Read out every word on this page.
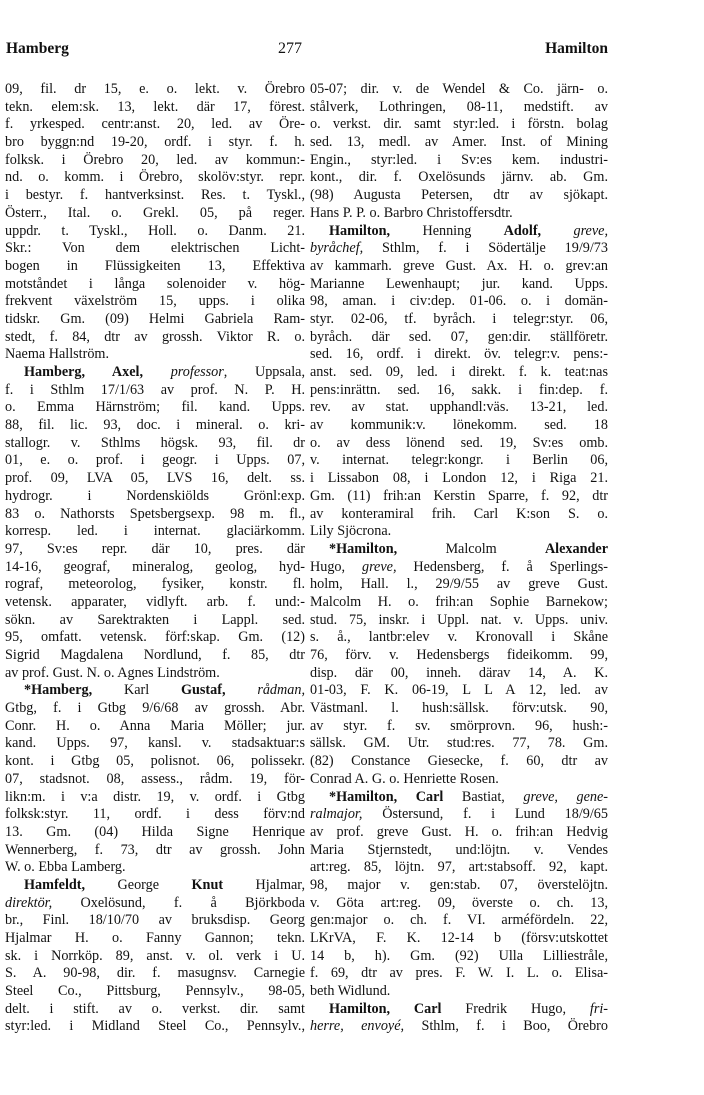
Hamberg	277	Hamilton
09, fil. dr 15, e. o. lekt. v. Örebro
tekn. elem:sk. 13, lekt. där 17, förest.
f. yrkesped. centr:anst. 20, led. av Öre-
bro byggn:nd 19-20, ordf. i styr. f. h.
folksk. i Örebro 20, led. av kommun:-
nd. o. komm. i Örebro, skolöv:styr. repr.
i bestyr. f. hantverksinst. Res. t. Tyskl.,
Österr., Ital. o. Grekl. 05, på reger.
uppdr. t. Tyskl., Holl. o. Danm. 21.
Skr.: Von dem elektrischen Licht-
bogen in Flüssigkeiten 13, Effektiva
motståndet i långa solenoider v. hög-
frekvent växelström 15, upps. i olika
tidskr. Gm. (09) Helmi Gabriela Ram-
stedt, f. 84, dtr av grossh. Viktor R. o.
Naema Hallström.
Hamberg, Axel, professor, Uppsala,
f. i Sthlm 17/1/63 av prof. N. P. H.
o. Emma Härnström; fil. kand. Upps.
88, fil. lic. 93, doc. i mineral. o. kri-
stallogr. v. Sthlms högsk. 93, fil. dr
01, e. o. prof. i geogr. i Upps. 07,
prof. 09, LVA 05, LVS 16, delt. ss.
hydrogr. i Nordenskiölds Grönl:exp.
83 o. Nathorsts Spetsbergsexp. 98 m. fl.,
korresp. led. i internat. glaciärkomm.
97, Sv:es repr. där 10, pres. där
14-16, geograf, mineralog, geolog, hyd-
rograf, meteorolog, fysiker, konstr. fl.
vetensk. apparater, vidlyft. arb. f. und:-
sökn. av Sarektrakten i Lappl. sed.
95, omfatt. vetensk. förf:skap. Gm. (12)
Sigrid Magdalena Nordlund, f. 85, dtr
av prof. Gust. N. o. Agnes Lindström.
*Hamberg, Karl Gustaf, rådman,
Gtbg, f. i Gtbg 9/6/68 av grossh. Abr.
Conr. H. o. Anna Maria Möller; jur.
kand. Upps. 97, kansl. v. stadsaktuar:s
kont. i Gtbg 05, polisnot. 06, polissekr.
07, stadsnot. 08, assess., rådm. 19, för-
likn:m. i v:a distr. 19, v. ordf. i Gtbg
folksk:styr. 11, ordf. i dess förv:nd
13. Gm. (04) Hilda Signe Henrique
Wennerberg, f. 73, dtr av grossh. John
W. o. Ebba Lamberg.
Hamfeldt, George Knut Hjalmar,
direktör, Oxelösund, f. å Björkboda
br., Finl. 18/10/70 av bruksdisp. Georg
Hjalmar H. o. Fanny Gannon; tekn.
sk. i Norrköp. 89, anst. v. ol. verk i U.
S. A. 90-98, dir. f. masugnsv. Carnegie
Steel Co., Pittsburg, Pennsylv., 98-05,
delt. i stift. av o. verkst. dir. samt
styr:led. i Midland Steel Co., Pennsylv.,
05-07; dir. v. de Wendel & Co. järn- o.
stålverk, Lothringen, 08-11, medstift. av
o. verkst. dir. samt styr:led. i förstn. bolag
sed. 13, medl. av Amer. Inst. of Mining
Engin., styr:led. i Sv:es kem. industri-
kont., dir. f. Oxelösunds järnv. ab. Gm.
(98) Augusta Petersen, dtr av sjökapt.
Hans P. P. o. Barbro Christoffersdtr.
Hamilton, Henning Adolf, greve,
byråchef, Sthlm, f. i Södertälje 19/9/73
av kammarh. greve Gust. Ax. H. o. grev:an
Marianne Lewenhaupt; jur. kand. Upps.
98, aman. i civ:dep. 01-06. o. i domän-
styr. 02-06, tf. byråch. i telegr:styr. 06,
byråch. där sed. 07, gen:dir. ställföretr.
sed. 16, ordf. i direkt. öv. telegr:v. pens:-
anst. sed. 09, led. i direkt. f. k. teat:nas
pens:inrättn. sed. 16, sakk. i fin:dep. f.
rev. av stat. upphandl:väs. 13-21, led.
av kommunik:v. lönekomm. sed. 18
o. av dess lönend sed. 19, Sv:es omb.
v. internat. telegr:kongr. i Berlin 06,
i Lissabon 08, i London 12, i Riga 21.
Gm. (11) frih:an Kerstin Sparre, f. 92, dtr
av konteramiral frih. Carl K:son S. o.
Lily Sjöcrona.
*Hamilton, Malcolm Alexander
Hugo, greve, Hedensberg, f. å Sperlings-
holm, Hall. l., 29/9/55 av greve Gust.
Malcolm H. o. frih:an Sophie Barnekow;
stud. 75, inskr. i Uppl. nat. v. Upps. univ.
s. å., lantbr:elev v. Kronovall i Skåne
76, förv. v. Hedensbergs fideikomm. 99,
disp. där 00, inneh. därav 14, A. K.
01-03, F. K. 06-19, L L A 12, led. av
Västmanl. l. hush:sällsk. förv:utsk. 90,
av styr. f. sv. smörprovn. 96, hush:-
sällsk. GM. Utr. stud:res. 77, 78. Gm.
(82) Constance Giesecke, f. 60, dtr av
Conrad A. G. o. Henriette Rosen.
*Hamilton, Carl Bastiat, greve, gene-
ralmajor, Östersund, f. i Lund 18/9/65
av prof. greve Gust. H. o. frih:an Hedvig
Maria Stjernstedt, und:löjtn. v. Vendes
art:reg. 85, löjtn. 97, art:stabsoff. 92, kapt.
98, major v. gen:stab. 07, överstelöjtn.
v. Göta art:reg. 09, överste o. ch. 13,
gen:major o. ch. f. VI. arméfördeln. 22,
LKrVA, F. K. 12-14 b (försv:utskottet
14 b, h). Gm. (92) Ulla Lilliestråle,
f. 69, dtr av pres. F. W. I. L. o. Elisa-
beth Widlund.
Hamilton, Carl Fredrik Hugo, fri-
herre, envoyé, Sthlm, f. i Boo, Örebro
